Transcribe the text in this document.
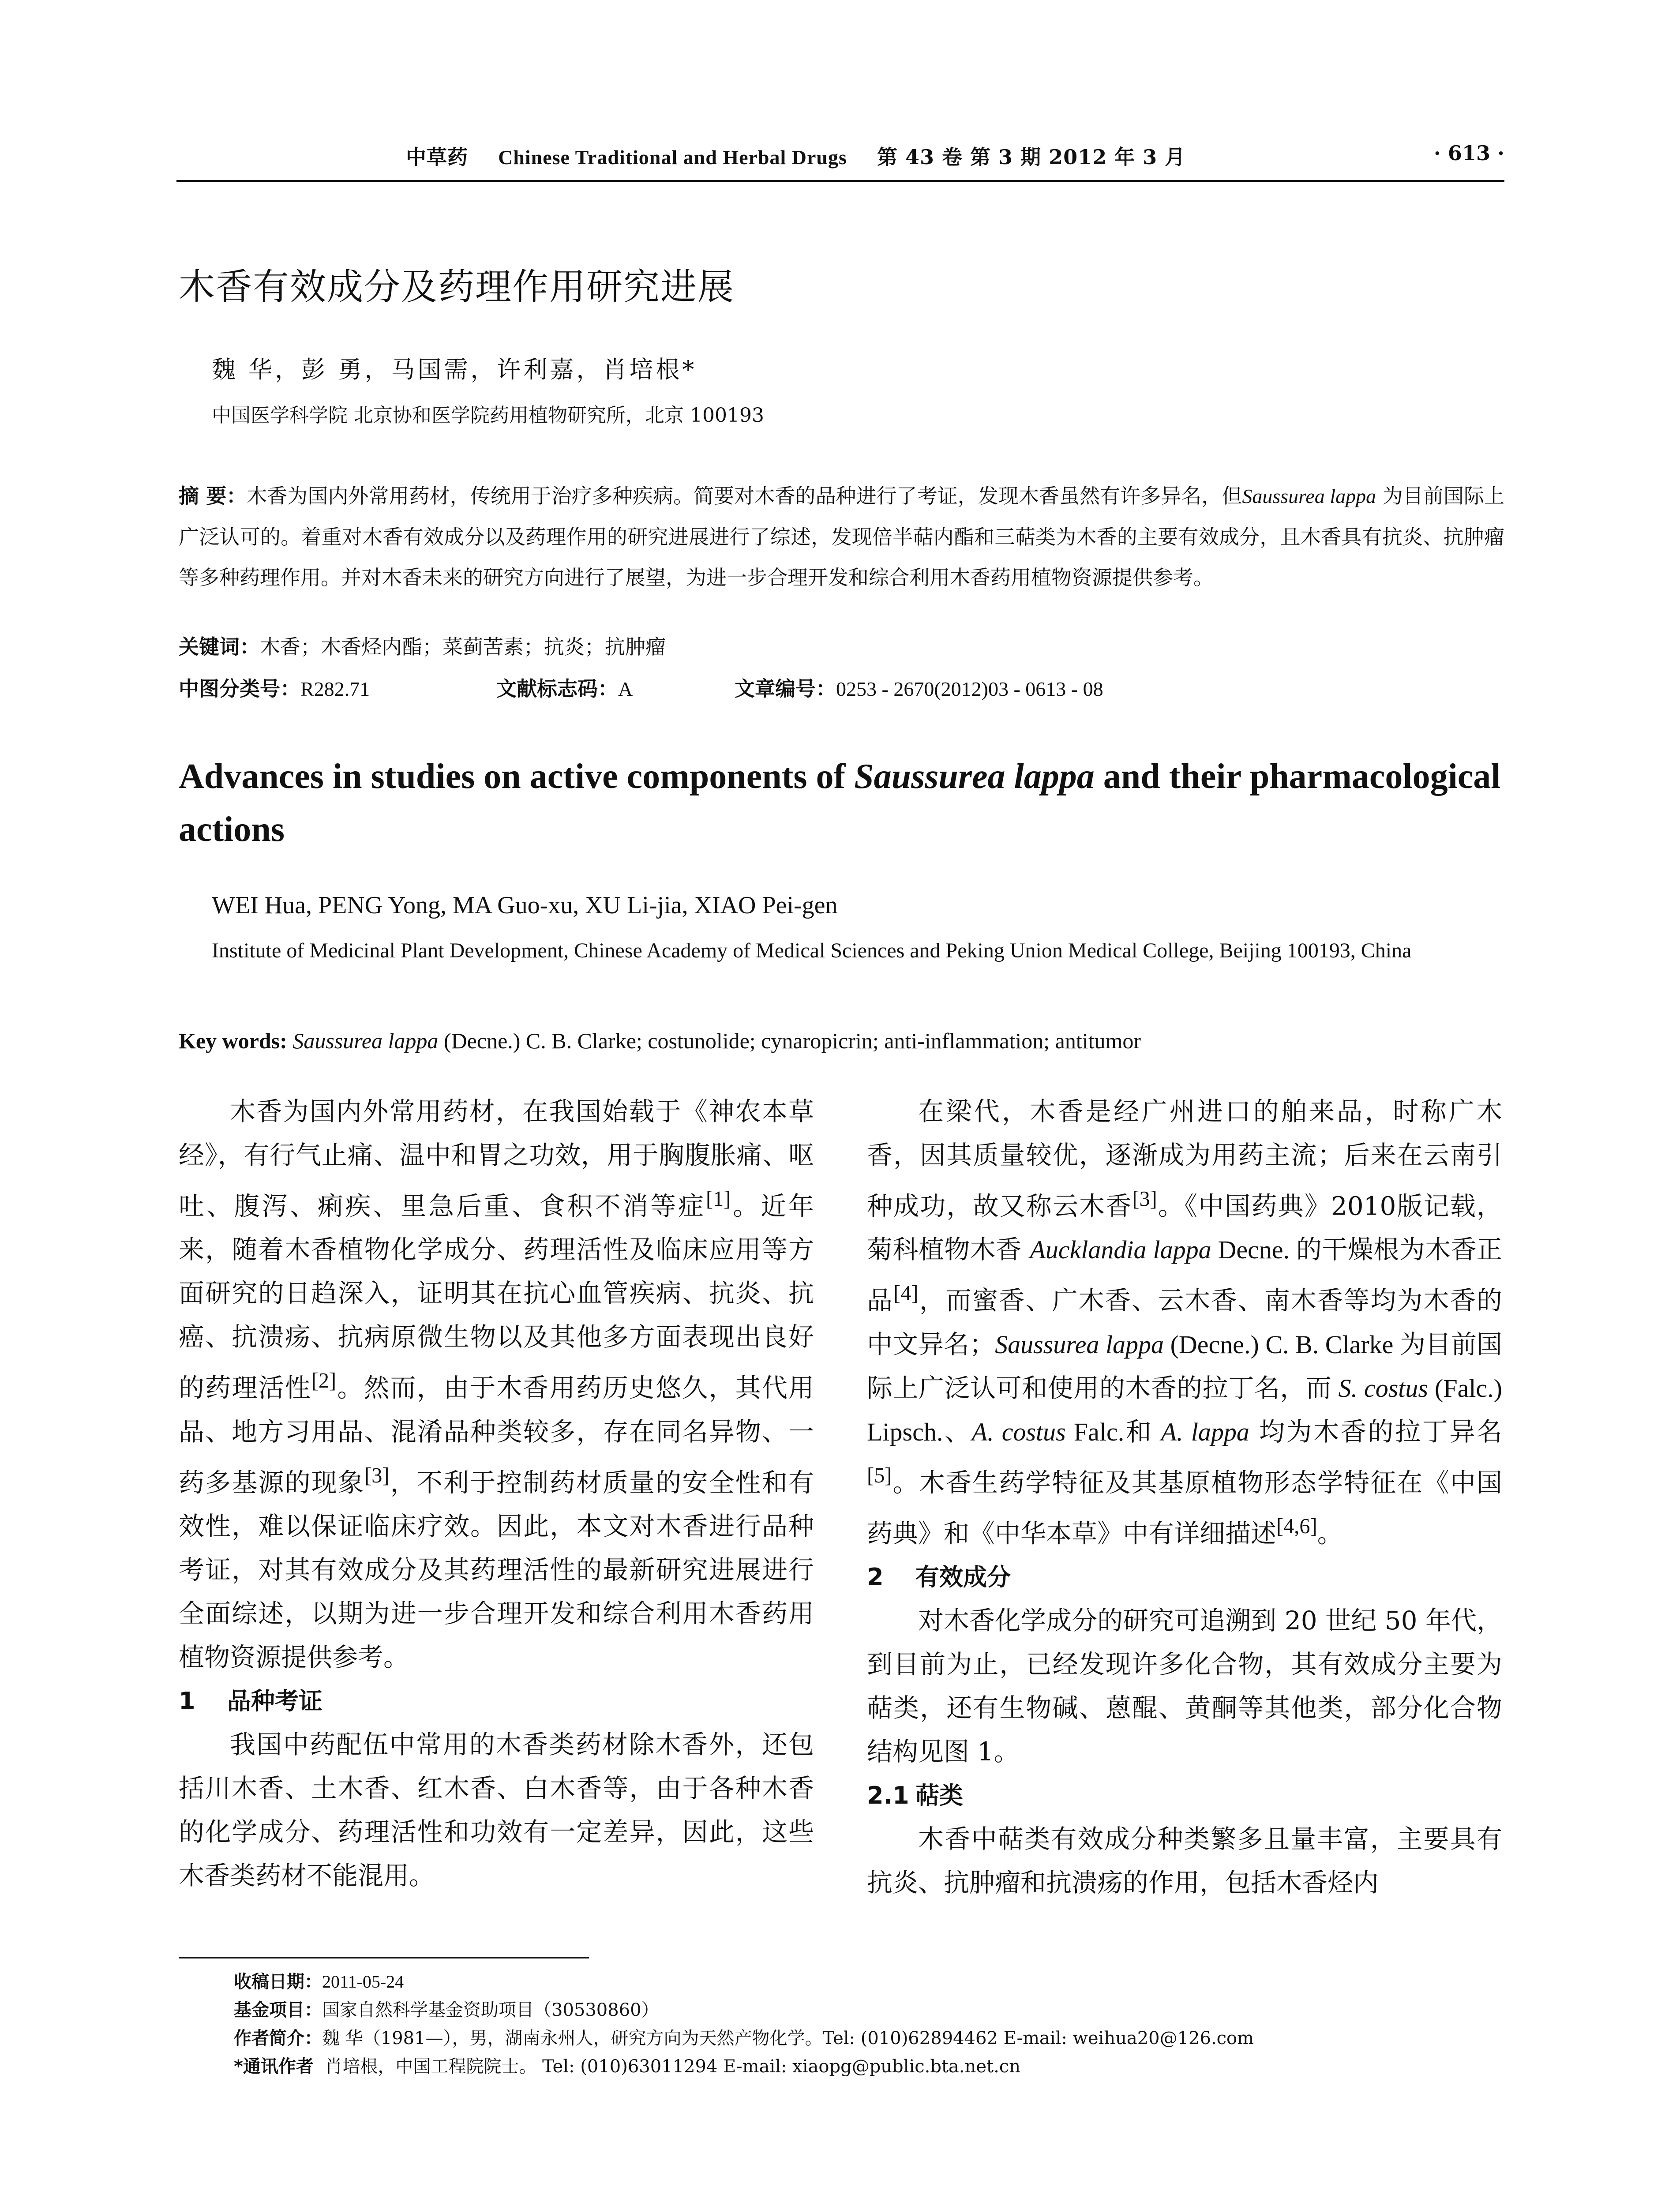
中草药 Chinese Traditional and Herbal Drugs 第 43 卷 第 3 期 2012 年 3 月	· 613 ·
木香有效成分及药理作用研究进展
魏 华，彭 勇，马国需，许利嘉，肖培根*
中国医学科学院 北京协和医学院药用植物研究所，北京 100193
摘 要：木香为国内外常用药材，传统用于治疗多种疾病。简要对木香的品种进行了考证，发现木香虽然有许多异名，但Saussurea lappa 为目前国际上广泛认可的。着重对木香有效成分以及药理作用的研究进展进行了综述，发现倍半萜内酯和三萜类为木香的主要有效成分，且木香具有抗炎、抗肿瘤等多种药理作用。并对木香未来的研究方向进行了展望，为进一步合理开发和综合利用木香药用植物资源提供参考。
关键词：木香；木香烃内酯；菜蓟苦素；抗炎；抗肿瘤
中图分类号：R282.71	文献标志码：A	文章编号：0253 - 2670(2012)03 - 0613 - 08
Advances in studies on active components of Saussurea lappa and their pharmacological actions
WEI Hua, PENG Yong, MA Guo-xu, XU Li-jia, XIAO Pei-gen
Institute of Medicinal Plant Development, Chinese Academy of Medical Sciences and Peking Union Medical College, Beijing 100193, China
Key words: Saussurea lappa (Decne.) C. B. Clarke; costunolide; cynaropicrin; anti-inflammation; antitumor

木香为国内外常用药材，在我国始载于《神农本草经》，有行气止痛、温中和胃之功效，用于胸腹胀痛、呕吐、腹泻、痢疾、里急后重、食积不消等症[1]。近年来，随着木香植物化学成分、药理活性及临床应用等方面研究的日趋深入，证明其在抗心血管疾病、抗炎、抗癌、抗溃疡、抗病原微生物以及其他多方面表现出良好的药理活性[2]。然而，由于木香用药历史悠久，其代用品、地方习用品、混淆品种类较多，存在同名异物、一药多基源的现象[3]，不利于控制药材质量的安全性和有效性，难以保证临床疗效。因此，本文对木香进行品种考证，对其有效成分及其药理活性的最新研究进展进行全面综述，以期为进一步合理开发和综合利用木香药用植物资源提供参考。

1 品种考证

我国中药配伍中常用的木香类药材除木香外，还包括川木香、土木香、红木香、白木香等，由于各种木香的化学成分、药理活性和功效有一定差异，因此，这些木香类药材不能混用。

在梁代，木香是经广州进口的舶来品，时称广木香，因其质量较优，逐渐成为用药主流；后来在云南引种成功，故又称云木香[3]。《中国药典》2010版记载，菊科植物木香 Aucklandia lappa Decne. 的干燥根为木香正品[4]，而蜜香、广木香、云木香、南木香等均为木香的中文异名；Saussurea lappa (Decne.) C. B. Clarke 为目前国际上广泛认可和使用的木香的拉丁名，而 S. costus (Falc.) Lipsch.、A. costus Falc.和 A. lappa 均为木香的拉丁异名[5]。木香生药学特征及其基原植物形态学特征在《中国药典》和《中华本草》中有详细描述[4,6]。

2 有效成分

对木香化学成分的研究可追溯到 20 世纪 50 年代，到目前为止，已经发现许多化合物，其有效成分主要为萜类，还有生物碱、蒽醌、黄酮等其他类，部分化合物结构见图 1。

2.1 萜类

木香中萜类有效成分种类繁多且量丰富，主要具有抗炎、抗肿瘤和抗溃疡的作用，包括木香烃内

收稿日期：2011-05-24
基金项目：国家自然科学基金资助项目（30530860）
作者简介：魏 华（1981—），男，湖南永州人，研究方向为天然产物化学。Tel: (010)62894462 E-mail: weihua20@126.com
*通讯作者 肖培根，中国工程院院士。 Tel: (010)63011294 E-mail: xiaopg@public.bta.net.cn
